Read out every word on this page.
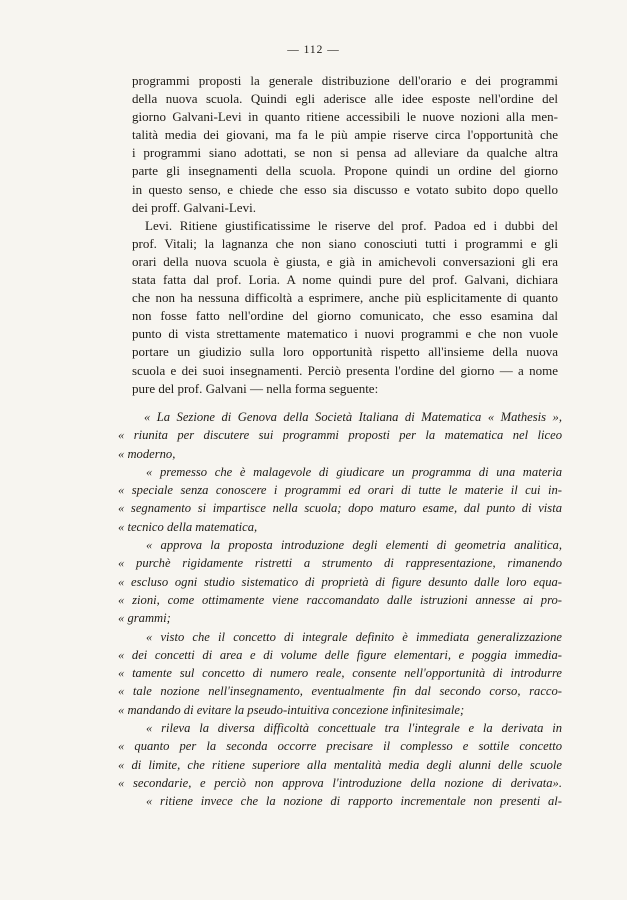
— 112 —
programmi proposti la generale distribuzione dell'orario e dei programmi
della nuova scuola. Quindi egli aderisce alle idee esposte nell'ordine del
giorno Galvani-Levi in quanto ritiene accessibili le nuove nozioni alla men-
talità media dei giovani, ma fa le più ampie riserve circa l'opportunità che
i programmi siano adottati, se non si pensa ad alleviare da qualche altra
parte gli insegnamenti della scuola. Propone quindi un ordine del giorno
in questo senso, e chiede che esso sia discusso e votato subito dopo quello
dei proff. Galvani-Levi.
Levi. Ritiene giustificatissime le riserve del prof. Padoa ed i dubbi del
prof. Vitali; la lagnanza che non siano conosciuti tutti i programmi e gli
orari della nuova scuola è giusta, e già in amichevoli conversazioni gli era
stata fatta dal prof. Loria. A nome quindi pure del prof. Galvani, dichiara
che non ha nessuna difficoltà a esprimere, anche più esplicitamente di quanto
non fosse fatto nell'ordine del giorno comunicato, che esso esamina dal
punto di vista strettamente matematico i nuovi programmi e che non vuole
portare un giudizio sulla loro opportunità rispetto all'insieme della nuova
scuola e dei suoi insegnamenti. Perciò presenta l'ordine del giorno — a nome
pure del prof. Galvani — nella forma seguente:
« La Sezione di Genova della Società Italiana di Matematica « Mathesis »,
« riunita per discutere sui programmi proposti per la matematica nel liceo
« moderno,
« premesso che è malagevole di giudicare un programma di una materia
« speciale senza conoscere i programmi ed orari di tutte le materie il cui in-
« segnamento si impartisce nella scuola; dopo maturo esame, dal punto di vista
« tecnico della matematica,
« approva la proposta introduzione degli elementi di geometria analitica,
« purchè rigidamente ristretti a strumento di rappresentazione, rimanendo
« escluso ogni studio sistematico di proprietà di figure desunto dalle loro equa-
« zioni, come ottimamente viene raccomandato dalle istruzioni annesse ai pro-
« grammi;
« visto che il concetto di integrale definito è immediata generalizzazione
« dei concetti di area e di volume delle figure elementari, e poggia immedia-
« tamente sul concetto di numero reale, consente nell'opportunità di introdurre
« tale nozione nell'insegnamento, eventualmente fin dal secondo corso, racco-
« mandando di evitare la pseudo-intuitiva concezione infinitesimale;
« rileva la diversa difficoltà concettuale tra l'integrale e la derivata in
« quanto per la seconda occorre precisare il complesso e sottile concetto
« di limite, che ritiene superiore alla mentalità media degli alunni delle scuole
« secondarie, e perciò non approva l'introduzione della nozione di derivata».
« ritiene invece che la nozione di rapporto incrementale non presenti al-
